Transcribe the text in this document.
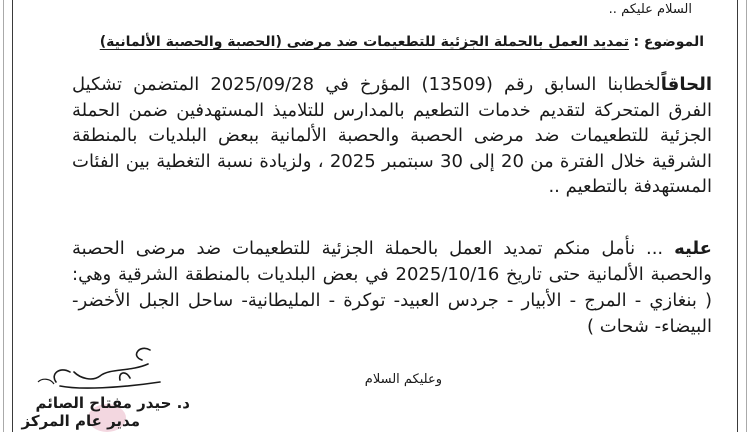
السلام عليكم ..
الموضوع : تمديد العمل بالحملة الجزئية للتطعيمات ضد مرضى (الحصبة والحصبة الألمانية)
الحاقاًلخطابنا السابق رقم (13509) المؤرخ في 2025/09/28 المتضمن تشكيل الفرق المتحركة لتقديم خدمات التطعيم بالمدارس للتلاميذ المستهدفين ضمن الحملة الجزئية للتطعيمات ضد مرضى الحصبة والحصبة الألمانية ببعض البلديات بالمنطقة الشرقية خلال الفترة من 20 إلى 30 سبتمبر 2025 ، ولزيادة نسبة التغطية بين الفئات المستهدفة بالتطعيم ..
عليه ... نأمل منكم تمديد العمل بالحملة الجزئية للتطعيمات ضد مرضى الحصبة والحصبة الألمانية حتى تاريخ 2025/10/16 في بعض البلديات بالمنطقة الشرقية وهي: ( بنغازي - المرج - الأبيار - جردس العبيد- توكرة - المليطانية- ساحل الجبل الأخضر- البيضاء- شحات )
وعليكم السلام
د. حيدر مفتاح الصائم
مدير عام المركز
